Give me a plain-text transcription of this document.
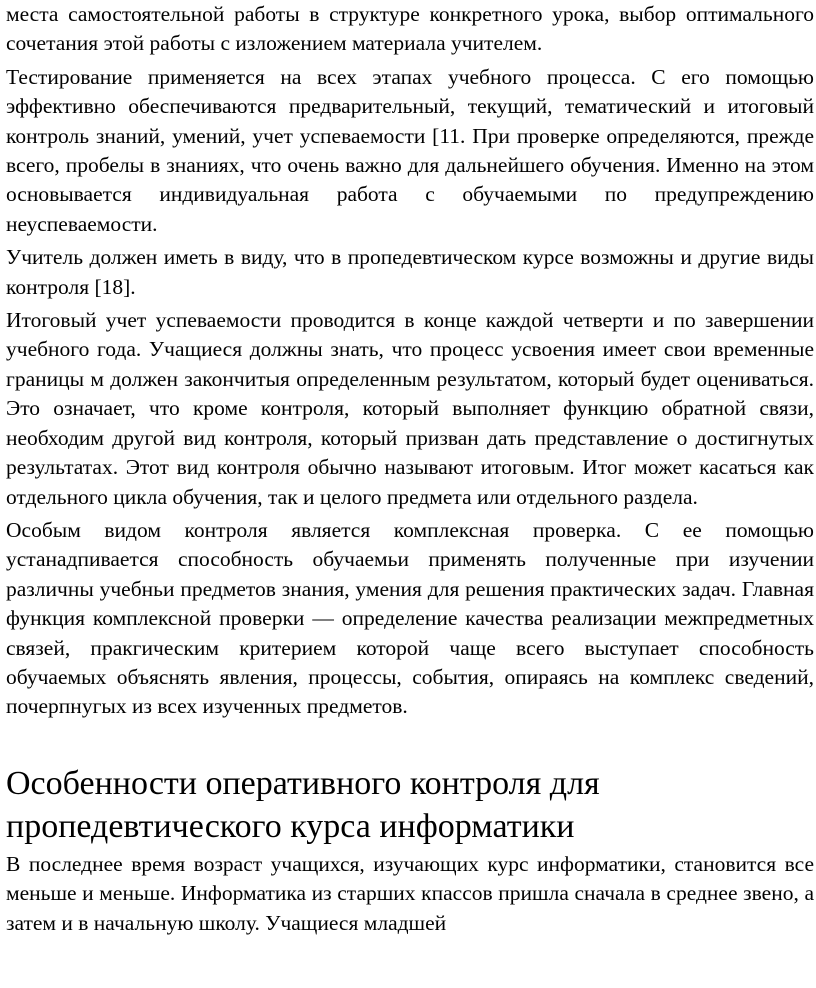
места самостоятельной работы в структуре конкретного урока, выбор оптимального сочетания этой работы с изложением материала учителем.

Тестирование применяется на всех этапах учебного процесса. С его помощью эффективно обеспечиваются предварительный, текущий, тематический и итоговый контроль знаний, умений, учет успеваемости [11. При проверке определяются, прежде всего, пробелы в знаниях, что очень важно для дальнейшего обучения. Именно на этом основывается индивидуальная работа с обучаемыми по предупреждению неуспеваемости.

Учитель должен иметь в виду, что в пропедевтическом курсе возможны и другие виды контроля [18].

Итоговый учет успеваемости проводится в конце каждой четверти и по завершении учебного года. Учащиеся должны знать, что процесс усвоения имеет свои временные границы м должен закончитыя определенным результатом, который будет оцениваться. Это означает, что кроме контроля, который выполняет функцию обратной связи, необходим другой вид контроля, который призван дать представление о достигнутых результатах. Этот вид контроля обычно называют итоговым. Итог может касаться как отдельного цикла обучения, так и целого предмета или отдельного раздела.

Особым видом контроля является комплексная проверка. С ее помощью устанадпивается способность обучаемьи применять полученные при изучении различны учебньи предметов знания, умения для решения практических задач. Главная функция комплексной проверки — определение качества реализации межпредметных связей, пракгическим критерием которой чаще всего выступает способность обучаемых объяснять явления, процессы, события, опираясь на комплекс сведений, почерпнугых из всех изученных предметов.

Особенности оперативного контроля для пропедевтического курса информатики

В последнее время возраст учащихся, изучающих курс информатики, становится все меньше и меньше. Информатика из старших кпассов пришла сначала в среднее звено, а затем и в начальную школу. Учащиеся младшей
